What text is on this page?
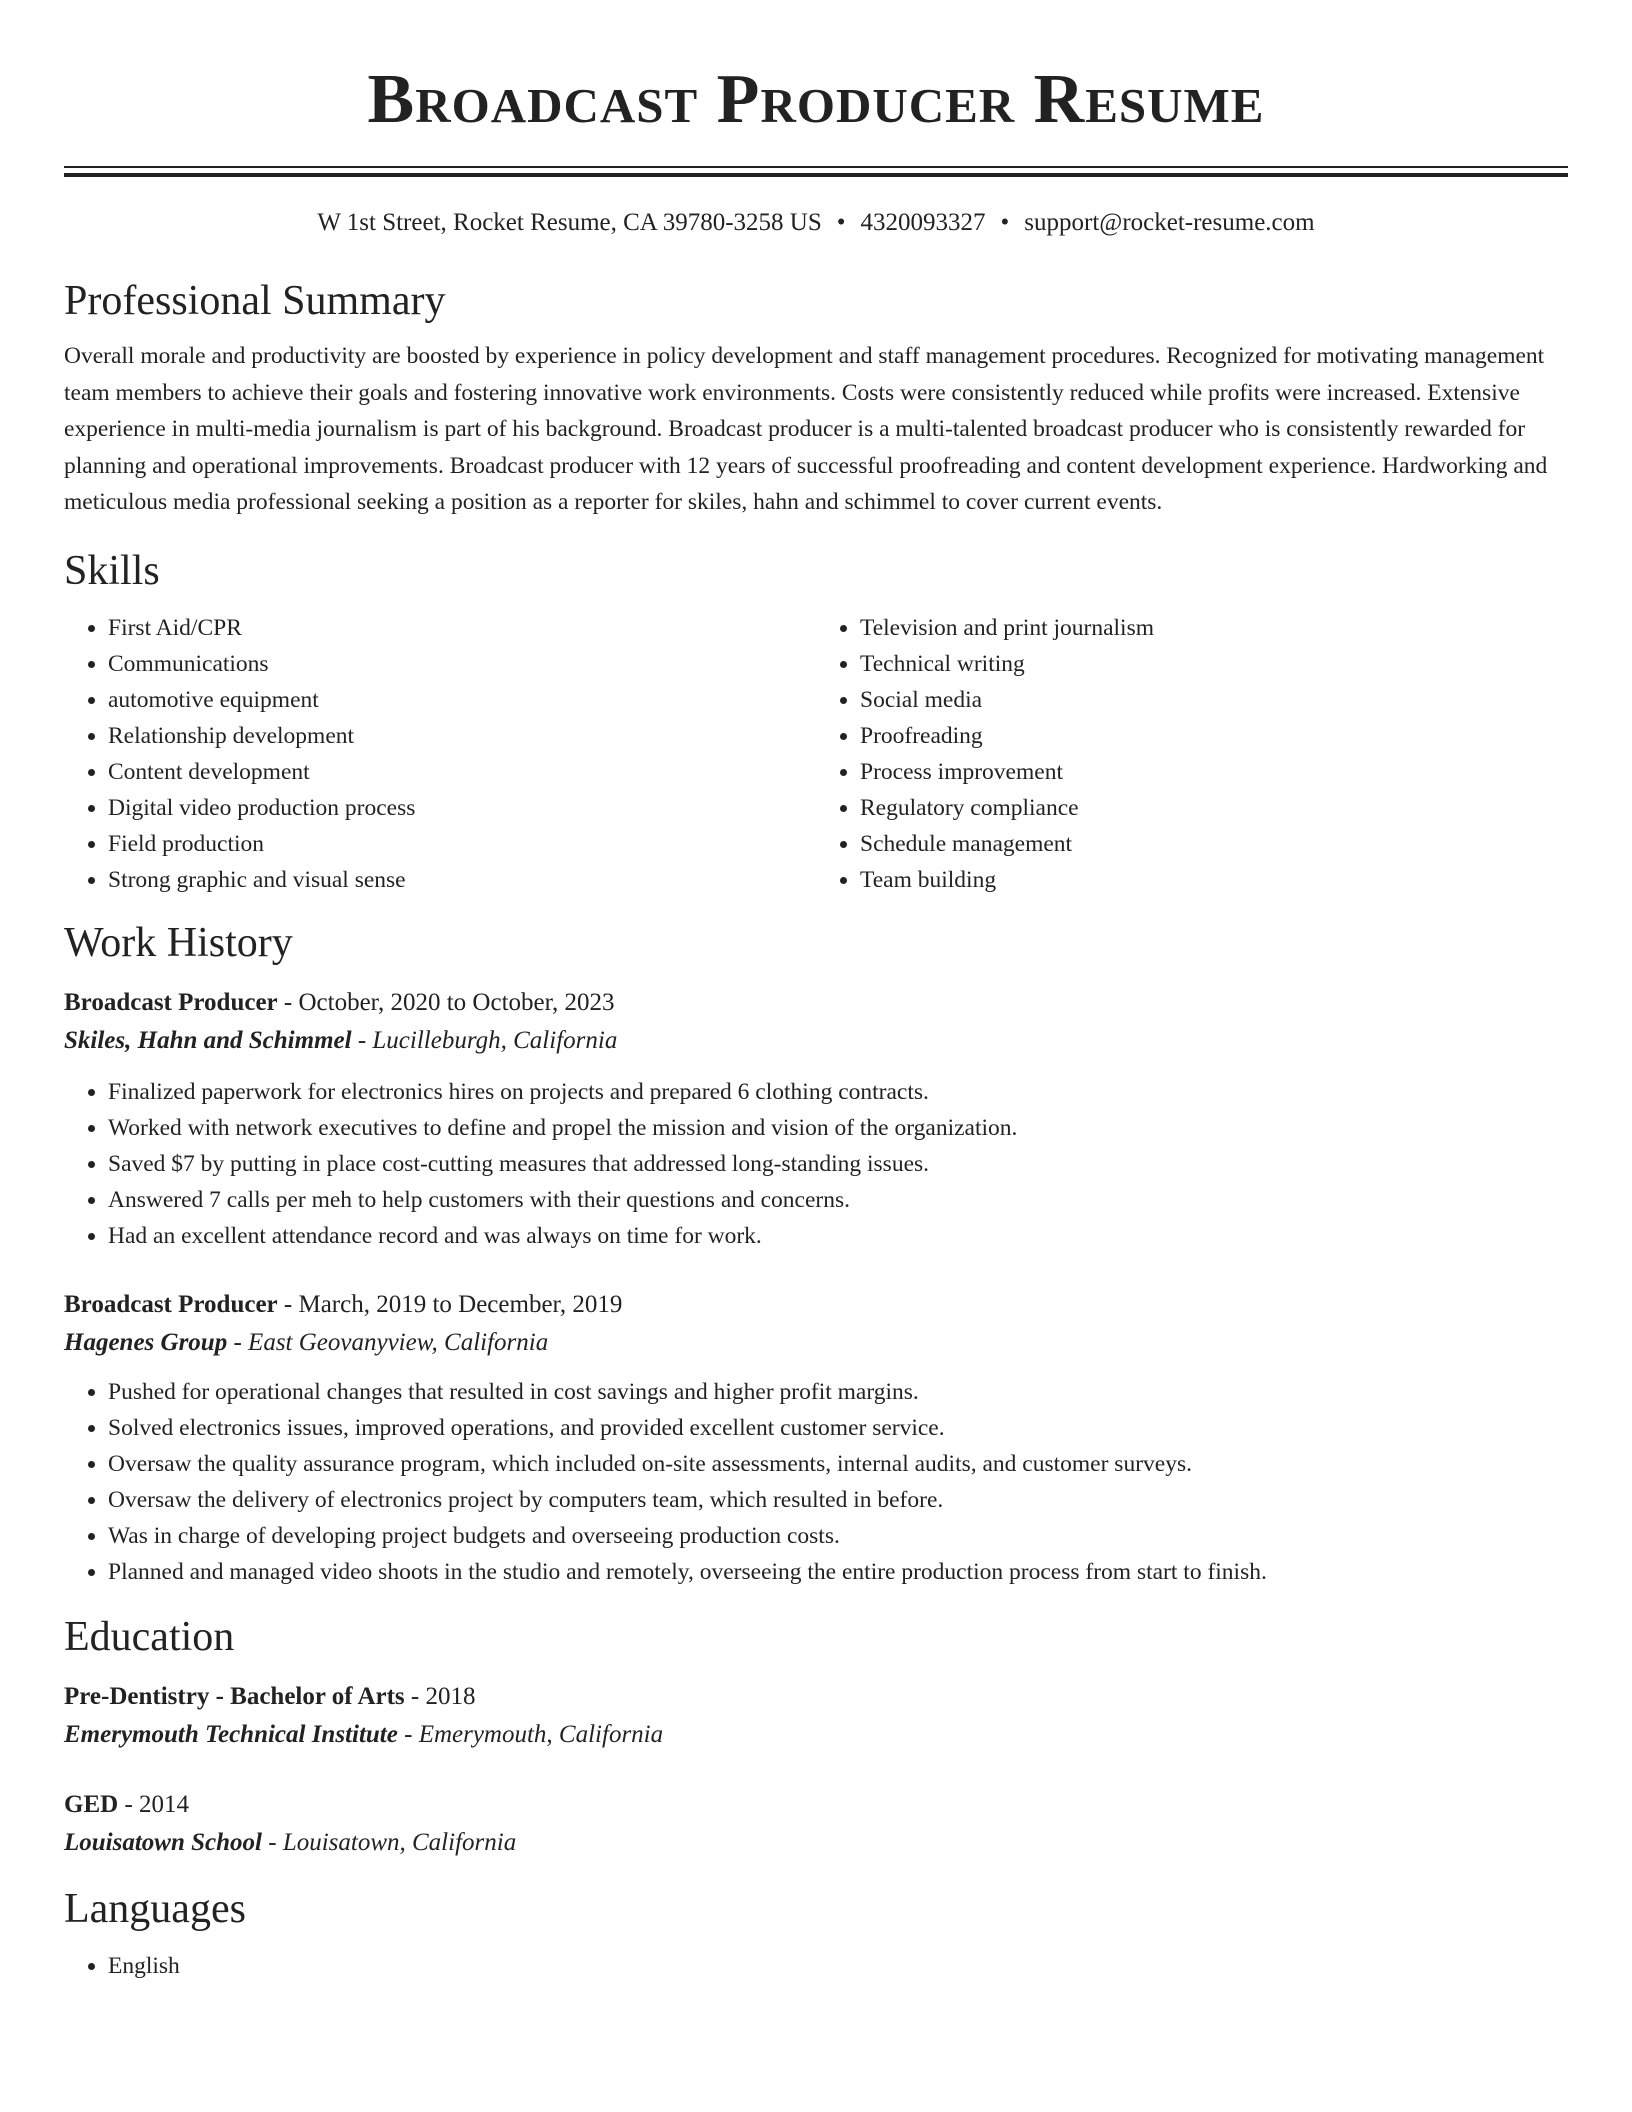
Broadcast Producer Resume
W 1st Street, Rocket Resume, CA 39780-3258 US • 4320093327 • support@rocket-resume.com
Professional Summary
Overall morale and productivity are boosted by experience in policy development and staff management procedures. Recognized for motivating management team members to achieve their goals and fostering innovative work environments. Costs were consistently reduced while profits were increased. Extensive experience in multi-media journalism is part of his background. Broadcast producer is a multi-talented broadcast producer who is consistently rewarded for planning and operational improvements. Broadcast producer with 12 years of successful proofreading and content development experience. Hardworking and meticulous media professional seeking a position as a reporter for skiles, hahn and schimmel to cover current events.
Skills
• First Aid/CPR
• Communications
• automotive equipment
• Relationship development
• Content development
• Digital video production process
• Field production
• Strong graphic and visual sense
• Television and print journalism
• Technical writing
• Social media
• Proofreading
• Process improvement
• Regulatory compliance
• Schedule management
• Team building
Work History
Broadcast Producer - October, 2020 to October, 2023
Skiles, Hahn and Schimmel - Lucilleburgh, California
• Finalized paperwork for electronics hires on projects and prepared 6 clothing contracts.
• Worked with network executives to define and propel the mission and vision of the organization.
• Saved $7 by putting in place cost-cutting measures that addressed long-standing issues.
• Answered 7 calls per meh to help customers with their questions and concerns.
• Had an excellent attendance record and was always on time for work.
Broadcast Producer - March, 2019 to December, 2019
Hagenes Group - East Geovanyview, California
• Pushed for operational changes that resulted in cost savings and higher profit margins.
• Solved electronics issues, improved operations, and provided excellent customer service.
• Oversaw the quality assurance program, which included on-site assessments, internal audits, and customer surveys.
• Oversaw the delivery of electronics project by computers team, which resulted in before.
• Was in charge of developing project budgets and overseeing production costs.
• Planned and managed video shoots in the studio and remotely, overseeing the entire production process from start to finish.
Education
Pre-Dentistry - Bachelor of Arts - 2018
Emerymouth Technical Institute - Emerymouth, California
GED - 2014
Louisatown School - Louisatown, California
Languages
• English
